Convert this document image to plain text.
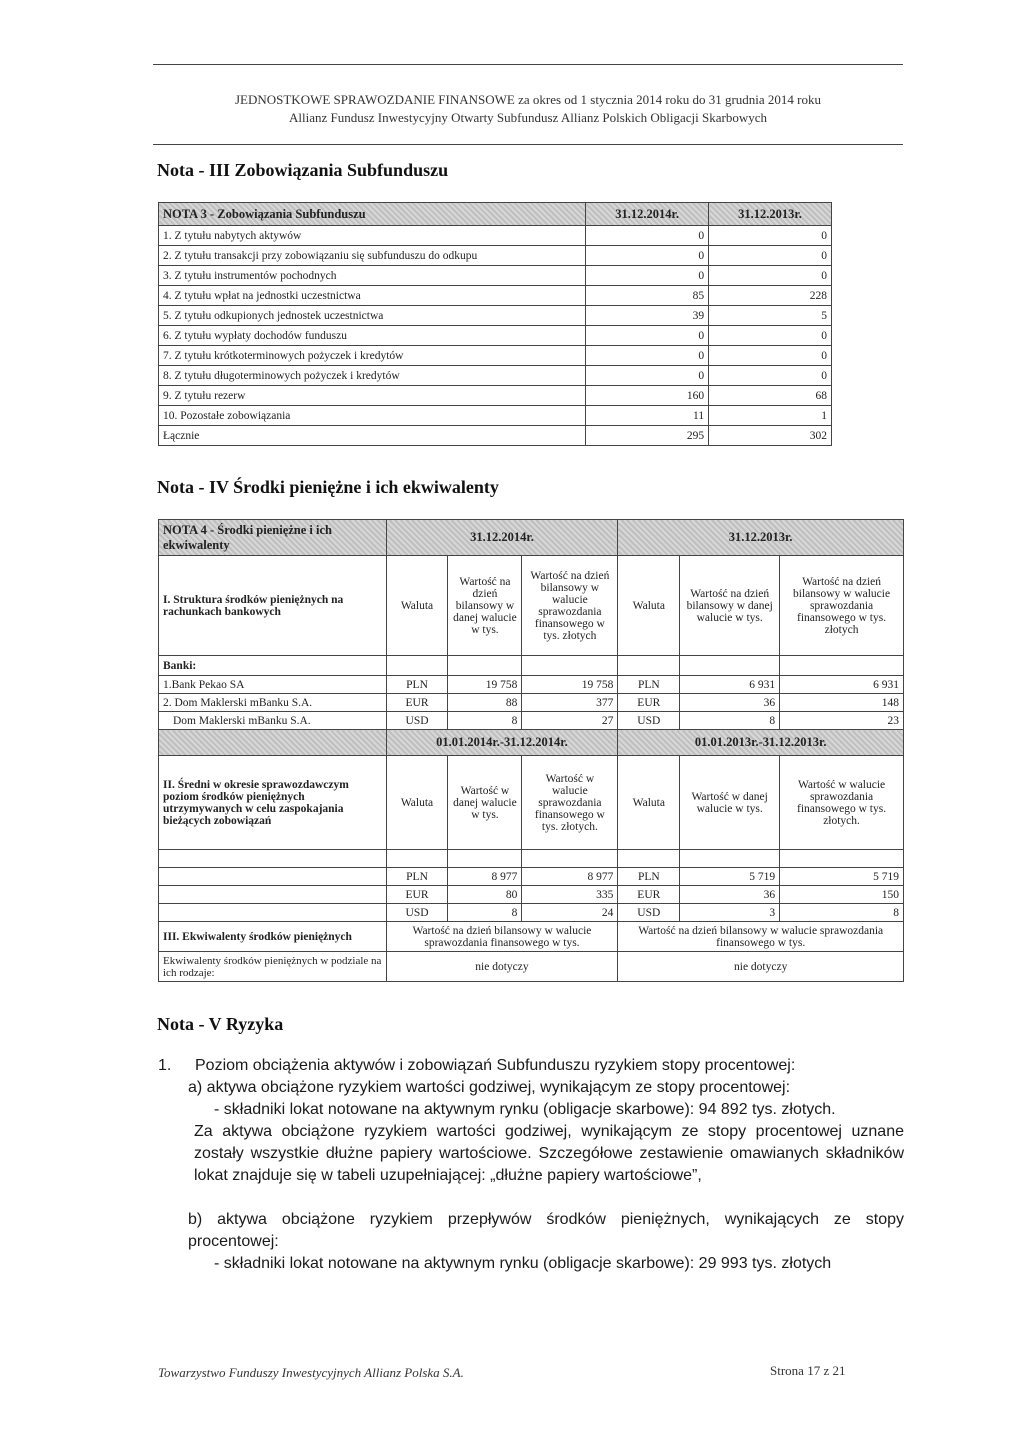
JEDNOSTKOWE SPRAWOZDANIE FINANSOWE za okres od 1 stycznia 2014 roku do 31 grudnia 2014 roku
Allianz Fundusz Inwestycyjny Otwarty Subfundusz Allianz Polskich Obligacji Skarbowych
Nota - III Zobowiązania Subfunduszu
NOTA 3 - Zobowiązania Subfunduszu	31.12.2014r.	31.12.2013r.
1. Z tytułu nabytych aktywów	0	0
2. Z tytułu transakcji przy zobowiązaniu się subfunduszu do odkupu	0	0
3. Z tytułu instrumentów pochodnych	0	0
4. Z tytułu wpłat na jednostki uczestnictwa	85	228
5. Z tytułu odkupionych jednostek uczestnictwa	39	5
6. Z tytułu wypłaty dochodów funduszu	0	0
7. Z tytułu krótkoterminowych pożyczek i kredytów	0	0
8. Z tytułu długoterminowych pożyczek i kredytów	0	0
9. Z tytułu rezerw	160	68
10. Pozostałe zobowiązania	11	1
Łącznie	295	302
Nota - IV Środki pieniężne i ich ekwiwalenty
NOTA 4 - Środki pieniężne i ich ekwiwalenty	31.12.2014r.			31.12.2013r.		
I. Struktura środków pieniężnych na rachunkach bankowych	Waluta	Wartość na dzień bilansowy w danej walucie w tys.	Wartość na dzień bilansowy w walucie sprawozdania finansowego w tys. złotych	Waluta	Wartość na dzień bilansowy w danej walucie w tys.	Wartość na dzień bilansowy w walucie sprawozdania finansowego w tys. złotych
Banki:						
1.Bank Pekao SA	PLN	19 758	19 758	PLN	6 931	6 931
2. Dom Maklerski mBanku S.A.	EUR	88	377	EUR	36	148
Dom Maklerski mBanku S.A.	USD	8	27	USD	8	23
	01.01.2014r.-31.12.2014r.			01.01.2013r.-31.12.2013r.		
II. Średni w okresie sprawozdawczym poziom środków pieniężnych utrzymywanych w celu zaspokajania bieżących zobowiązań	Waluta	Wartość w danej walucie w tys.	Wartość w walucie sprawozdania finansowego w tys. złotych.	Waluta	Wartość w danej walucie w tys.	Wartość w walucie sprawozdania finansowego w tys. złotych.

	PLN	8 977	8 977	PLN	5 719	5 719
	EUR	80	335	EUR	36	150
	USD	8	24	USD	3	8
III. Ekwiwalenty środków pieniężnych	Wartość na dzień bilansowy w walucie sprawozdania finansowego w tys.			Wartość na dzień bilansowy w walucie sprawozdania finansowego w tys.		
Ekwiwalenty środków pieniężnych w podziale na ich rodzaje:	nie dotyczy			nie dotyczy		
Nota - V Ryzyka
1.	Poziom obciążenia aktywów i zobowiązań Subfunduszu ryzykiem stopy procentowej:
a) aktywa obciążone ryzykiem wartości godziwej, wynikającym ze stopy procentowej:
- składniki lokat notowane na aktywnym rynku (obligacje skarbowe): 94 892 tys. złotych.
Za aktywa obciążone ryzykiem wartości godziwej, wynikającym ze stopy procentowej uznane zostały wszystkie dłużne papiery wartościowe. Szczegółowe zestawienie omawianych składników lokat znajduje się w tabeli uzupełniającej: „dłużne papiery wartościowe”,
b) aktywa obciążone ryzykiem przepływów środków pieniężnych, wynikających ze stopy procentowej:
- składniki lokat notowane na aktywnym rynku (obligacje skarbowe): 29 993 tys. złotych
Towarzystwo Funduszy Inwestycyjnych Allianz Polska S.A.	Strona 17 z 21
